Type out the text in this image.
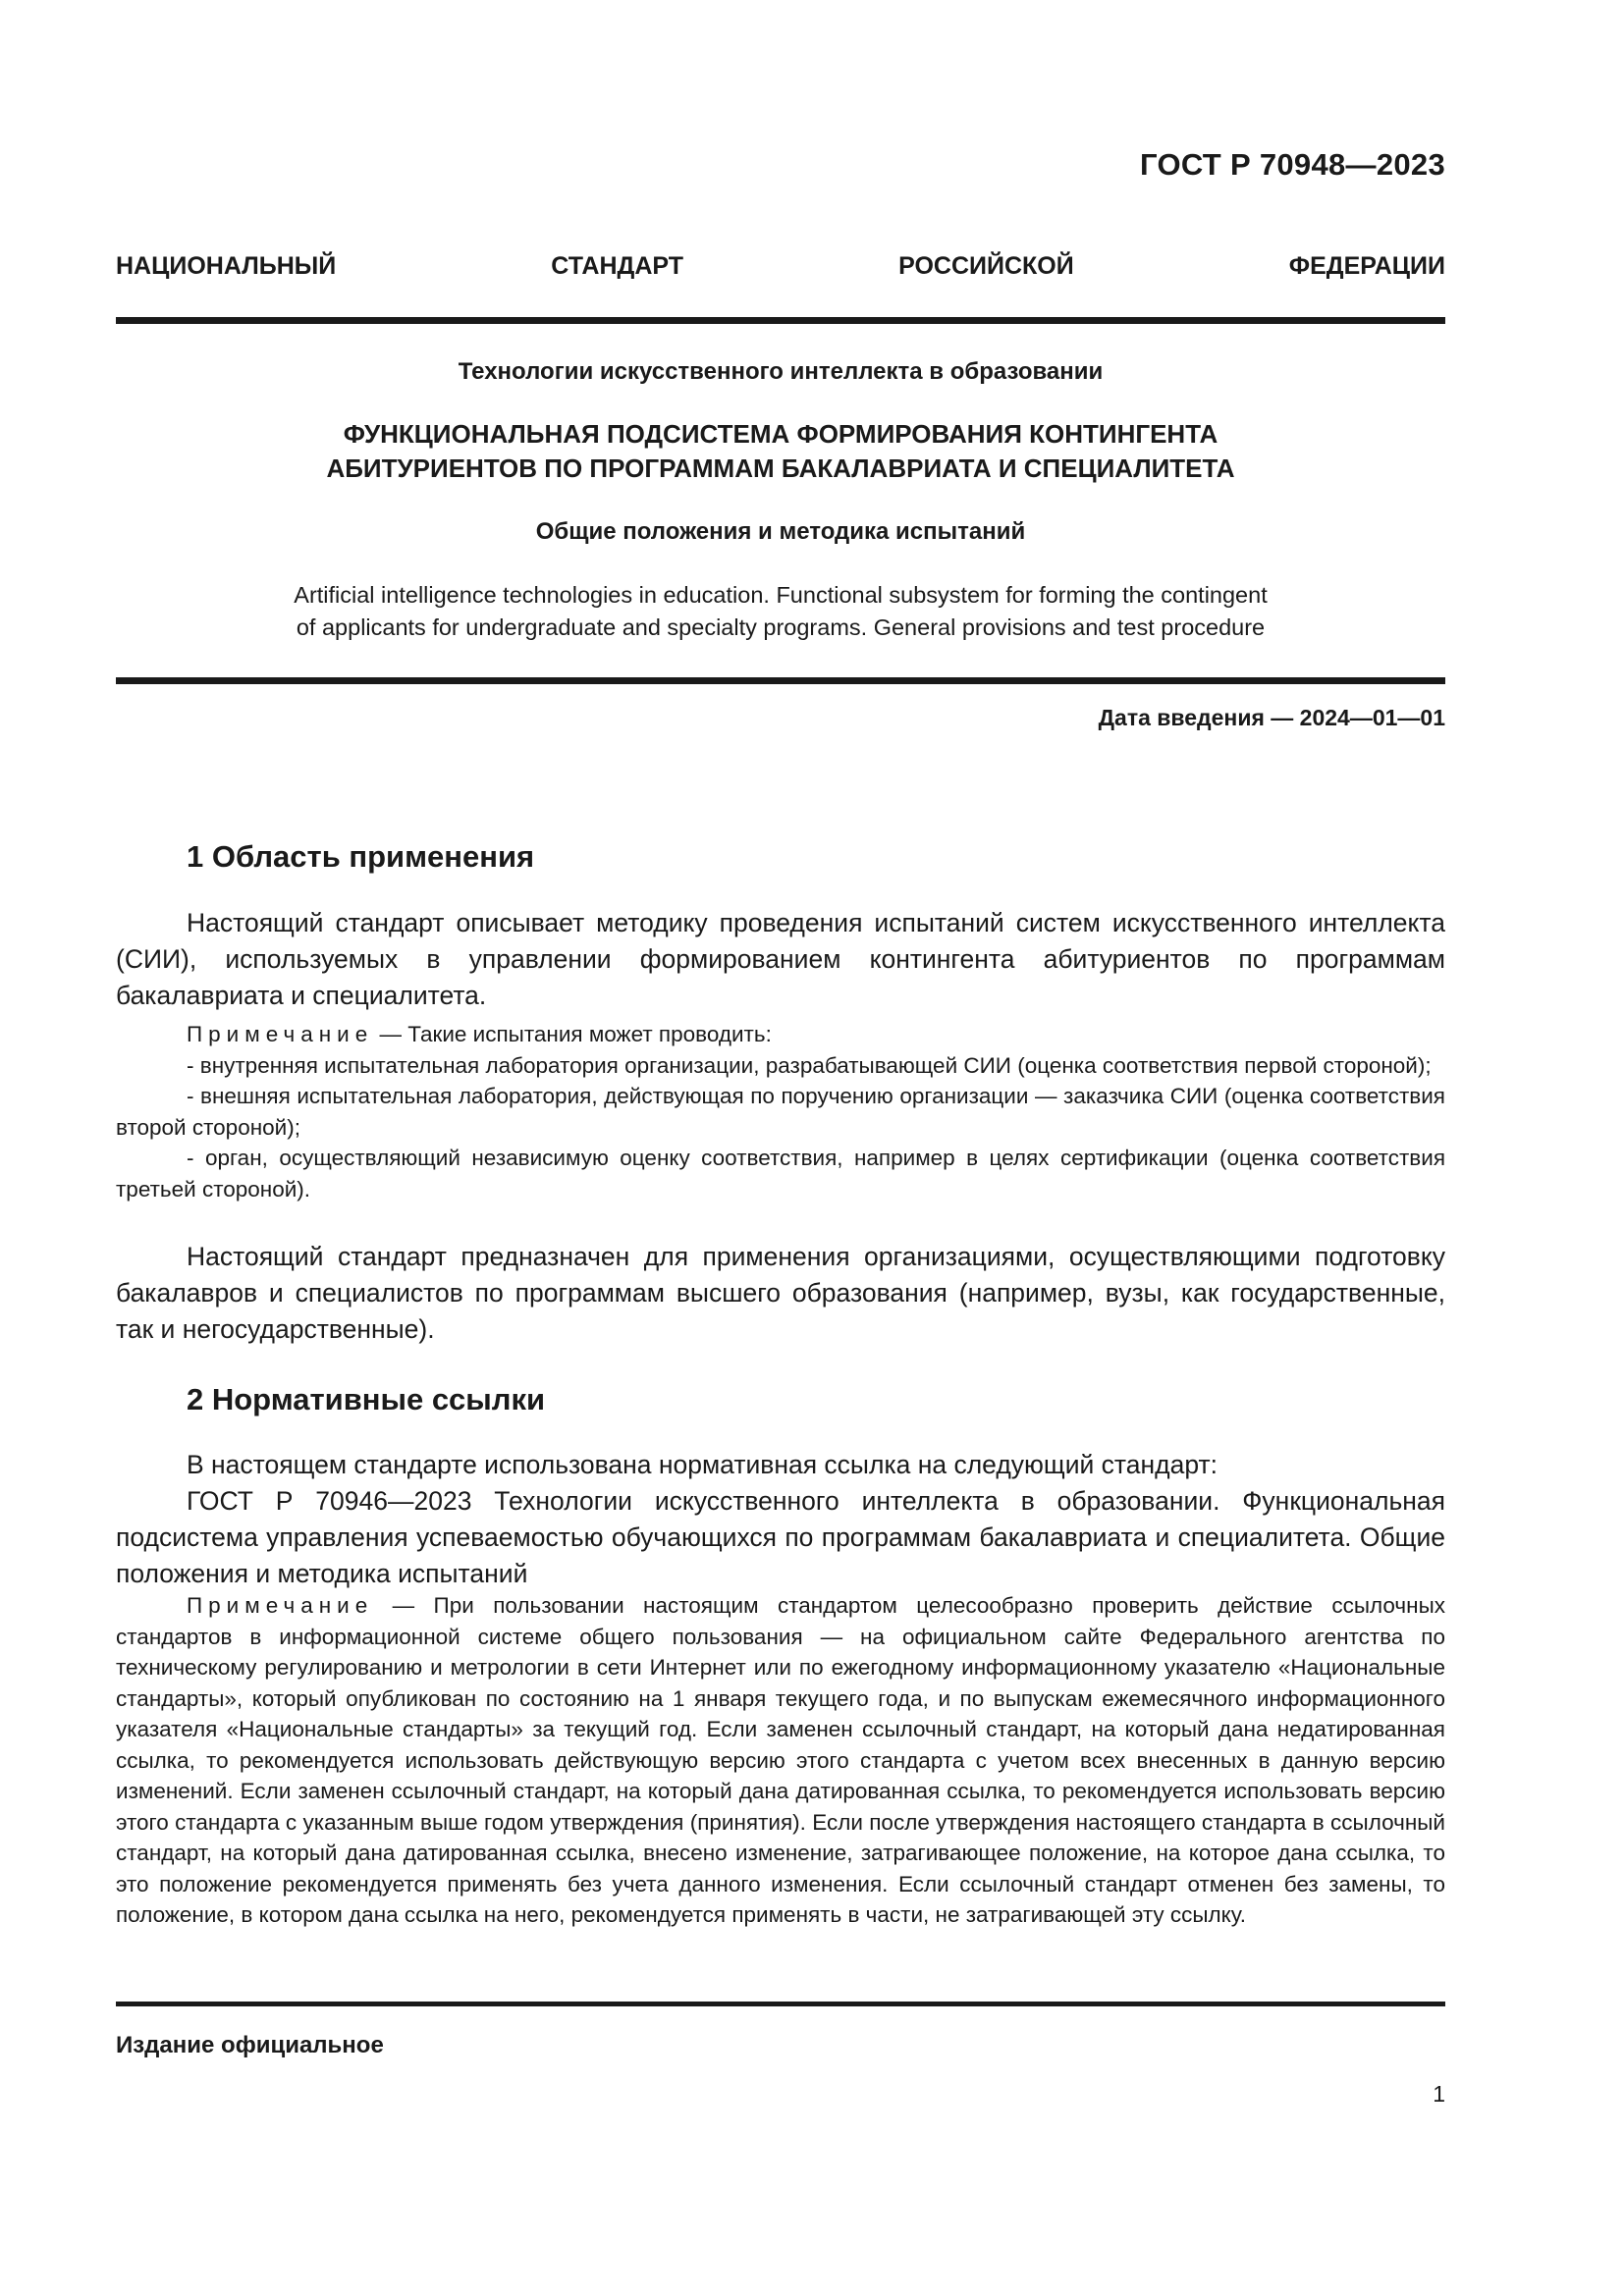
ГОСТ Р 70948—2023
НАЦИОНАЛЬНЫЙ СТАНДАРТ РОССИЙСКОЙ ФЕДЕРАЦИИ
Технологии искусственного интеллекта в образовании
ФУНКЦИОНАЛЬНАЯ ПОДСИСТЕМА ФОРМИРОВАНИЯ КОНТИНГЕНТА
АБИТУРИЕНТОВ ПО ПРОГРАММАМ БАКАЛАВРИАТА И СПЕЦИАЛИТЕТА
Общие положения и методика испытаний
Artificial intelligence technologies in education. Functional subsystem for forming the contingent
of applicants for undergraduate and specialty programs. General provisions and test procedure
Дата введения — 2024—01—01
1 Область применения

Настоящий стандарт описывает методику проведения испытаний систем искусственного интеллекта (СИИ), используемых в управлении формированием контингента абитуриентов по программам бакалавриата и специалитета.

Примечание — Такие испытания может проводить:

- внутренняя испытательная лаборатория организации, разрабатывающей СИИ (оценка соответствия первой стороной);

- внешняя испытательная лаборатория, действующая по поручению организации — заказчика СИИ (оценка соответствия второй стороной);

- орган, осуществляющий независимую оценку соответствия, например в целях сертификации (оценка соответствия третьей стороной).

Настоящий стандарт предназначен для применения организациями, осуществляющими подготовку бакалавров и специалистов по программам высшего образования (например, вузы, как государственные, так и негосударственные).

2 Нормативные ссылки

В настоящем стандарте использована нормативная ссылка на следующий стандарт:

ГОСТ Р 70946—2023 Технологии искусственного интеллекта в образовании. Функциональная подсистема управления успеваемостью обучающихся по программам бакалавриата и специалитета. Общие положения и методика испытаний

Примечание — При пользовании настоящим стандартом целесообразно проверить действие ссылочных стандартов в информационной системе общего пользования — на официальном сайте Федерального агентства по техническому регулированию и метрологии в сети Интернет или по ежегодному информационному указателю «Национальные стандарты», который опубликован по состоянию на 1 января текущего года, и по выпускам ежемесячного информационного указателя «Национальные стандарты» за текущий год. Если заменен ссылочный стандарт, на который дана недатированная ссылка, то рекомендуется использовать действующую версию этого стандарта с учетом всех внесенных в данную версию изменений. Если заменен ссылочный стандарт, на который дана датированная ссылка, то рекомендуется использовать версию этого стандарта с указанным выше годом утверждения (принятия). Если после утверждения настоящего стандарта в ссылочный стандарт, на который дана датированная ссылка, внесено изменение, затрагивающее положение, на которое дана ссылка, то это положение рекомендуется применять без учета данного изменения. Если ссылочный стандарт отменен без замены, то положение, в котором дана ссылка на него, рекомендуется применять в части, не затрагивающей эту ссылку.

Издание официальное
1
